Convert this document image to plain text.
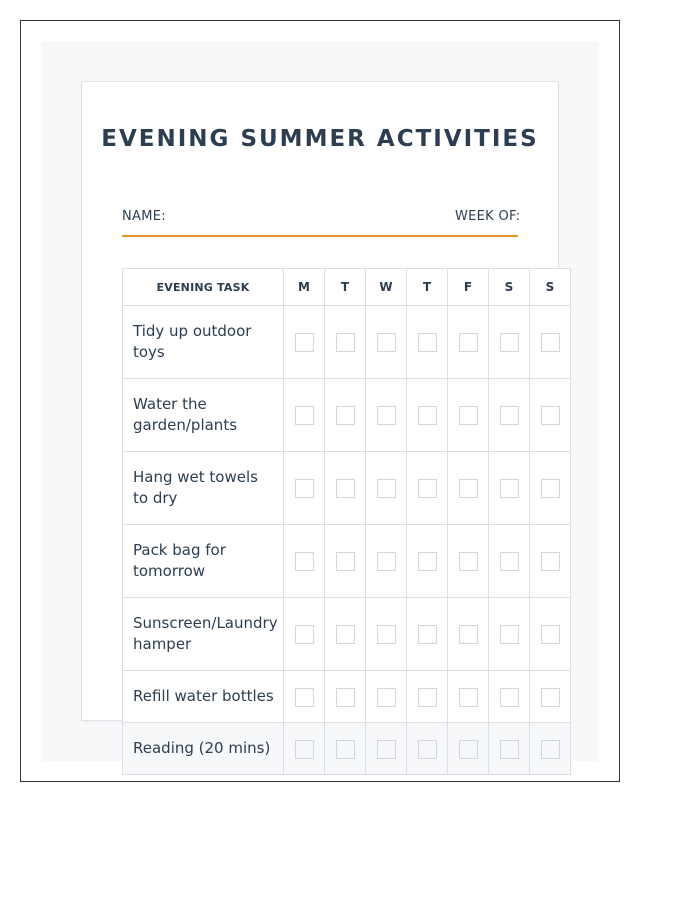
EVENING SUMMER ACTIVITIES
NAME:	WEEK OF:
EVENING TASK	M	T	W	T	F	S	S
Tidy up outdoor toys							
Water the garden/plants							
Hang wet towels to dry							
Pack bag for tomorrow							
Sunscreen/Laundry hamper							
Refill water bottles							
Reading (20 mins)							
